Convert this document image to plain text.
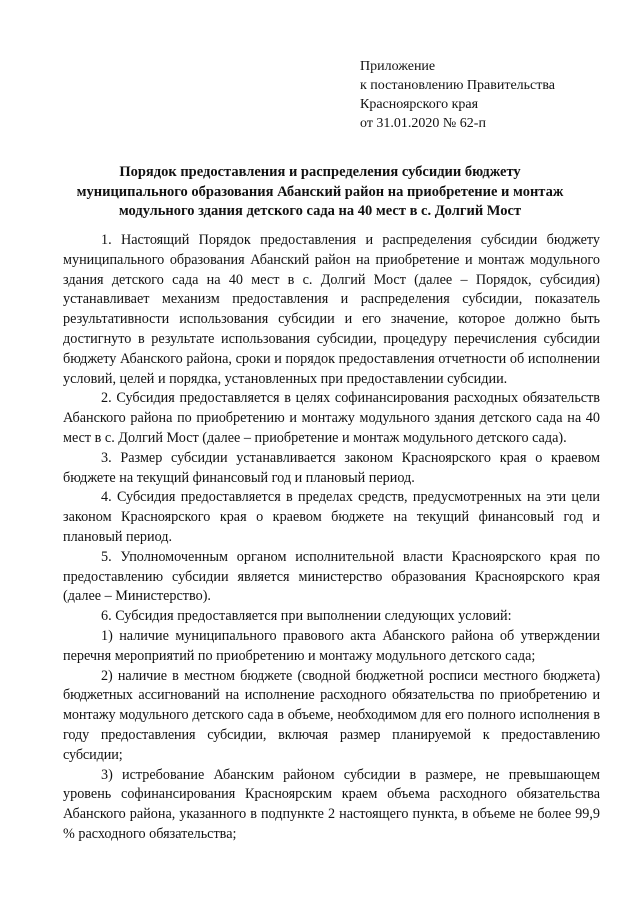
Приложение
к постановлению Правительства
Красноярского края
от 31.01.2020 № 62-п
Порядок предоставления и распределения субсидии бюджету
муниципального образования Абанский район на приобретение и монтаж
модульного здания детского сада на 40 мест в с. Долгий Мост

1. Настоящий Порядок предоставления и распределения субсидии бюджету муниципального образования Абанский район на приобретение и монтаж модульного здания детского сада на 40 мест в с. Долгий Мост (далее – Порядок, субсидия) устанавливает механизм предоставления и распределения субсидии, показатель результативности использования субсидии и его значение, которое должно быть достигнуто в результате использования субсидии, процедуру перечисления субсидии бюджету Абанского района, сроки и порядок предоставления отчетности об исполнении условий, целей и порядка, установленных при предоставлении субсидии.

2. Субсидия предоставляется в целях софинансирования расходных обязательств Абанского района по приобретению и монтажу модульного здания детского сада на 40 мест в с. Долгий Мост (далее – приобретение и монтаж модульного детского сада).

3. Размер субсидии устанавливается законом Красноярского края о краевом бюджете на текущий финансовый год и плановый период.

4. Субсидия предоставляется в пределах средств, предусмотренных на эти цели законом Красноярского края о краевом бюджете на текущий финансовый год и плановый период.

5. Уполномоченным органом исполнительной власти Красноярского края по предоставлению субсидии является министерство образования Красноярского края (далее – Министерство).

6. Субсидия предоставляется при выполнении следующих условий:

1) наличие муниципального правового акта Абанского района об утверждении перечня мероприятий по приобретению и монтажу модульного детского сада;

2) наличие в местном бюджете (сводной бюджетной росписи местного бюджета) бюджетных ассигнований на исполнение расходного обязательства по приобретению и монтажу модульного детского сада в объеме, необходимом для его полного исполнения в году предоставления субсидии, включая размер планируемой к предоставлению субсидии;

3) истребование Абанским районом субсидии в размере, не превышающем уровень софинансирования Красноярским краем объема расходного обязательства Абанского района, указанного в подпункте 2 настоящего пункта, в объеме не более 99,9 % расходного обязательства;
